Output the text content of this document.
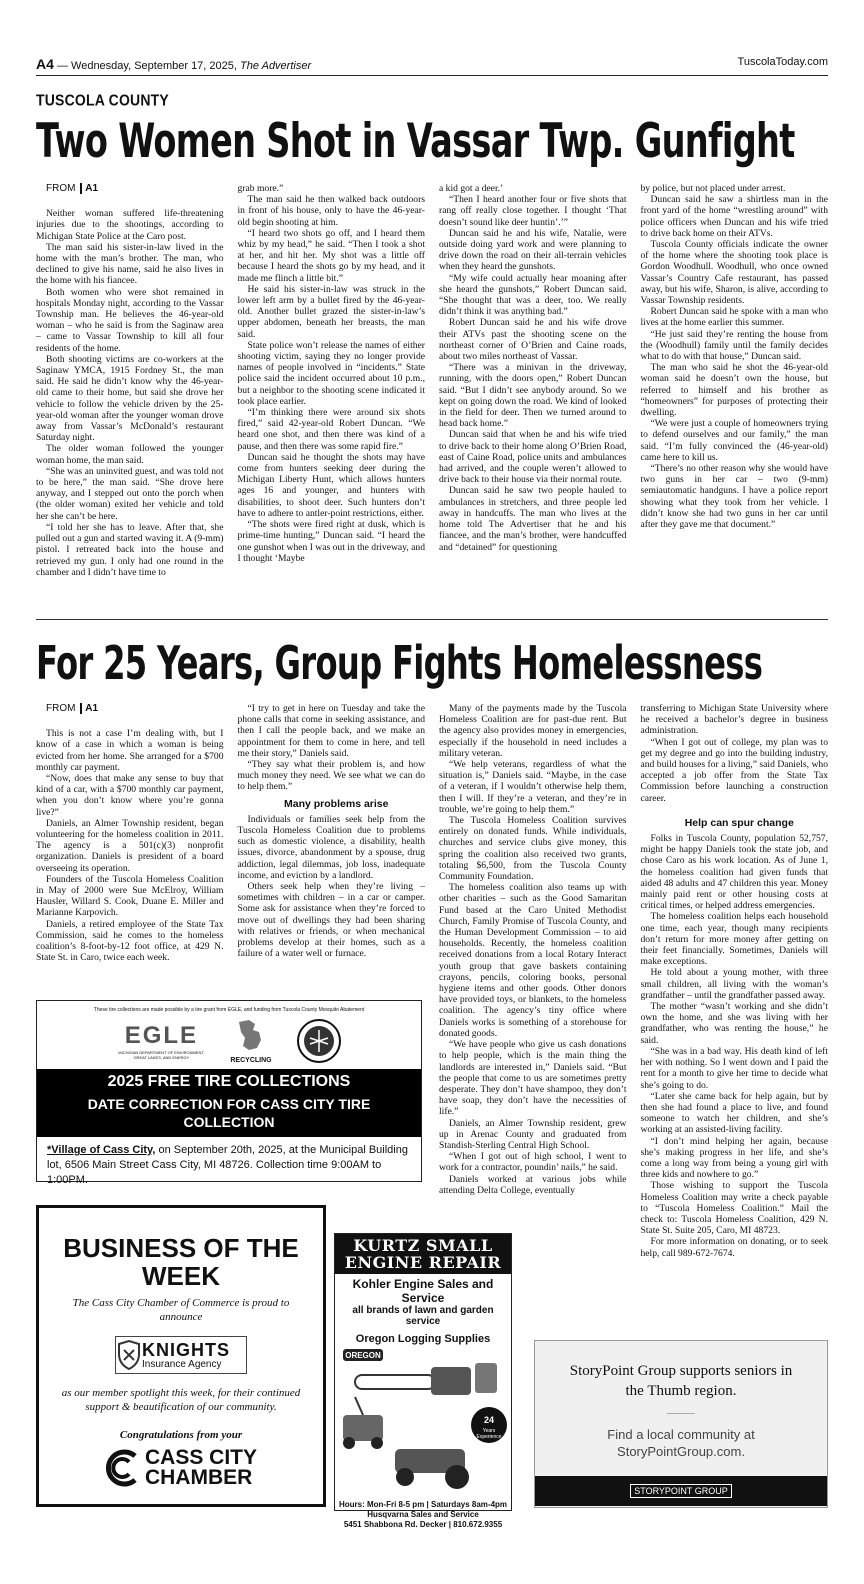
A4 — Wednesday, September 17, 2025, The Advertiser	TuscolaToday.com
TUSCOLA COUNTY
Two Women Shot in Vassar Twp. Gunfight

FROM A1

Neither woman suffered life-threatening injuries due to the shootings, according to Michigan State Police at the Caro post.

The man said his sister-in-law lived in the home with the man’s brother. The man, who declined to give his name, said he also lives in the home with his fiancee.

Both women who were shot remained in hospitals Monday night, according to the Vassar Township man. He believes the 46-year-old woman – who he said is from the Saginaw area – came to Vassar Township to kill all four residents of the home.

Both shooting victims are co-workers at the Saginaw YMCA, 1915 Fordney St., the man said. He said he didn’t know why the 46-year-old came to their home, but said she drove her vehicle to follow the vehicle driven by the 25-year-old woman after the younger woman drove away from Vassar’s McDonald’s restaurant Saturday night.

The older woman followed the younger woman home, the man said.

“She was an uninvited guest, and was told not to be here,” the man said. “She drove here anyway, and I stepped out onto the porch when (the older woman) exited her vehicle and told her she can’t be here.

“I told her she has to leave. After that, she pulled out a gun and started waving it. A (9-mm) pistol. I retreated back into the house and retrieved my gun. I only had one round in the chamber and I didn’t have time to

grab more.”

The man said he then walked back outdoors in front of his house, only to have the 46-year-old begin shooting at him.

“I heard two shots go off, and I heard them whiz by my head,” he said. “Then I took a shot at her, and hit her. My shot was a little off because I heard the shots go by my head, and it made me flinch a little bit.”

He said his sister-in-law was struck in the lower left arm by a bullet fired by the 46-year-old. Another bullet grazed the sister-in-law’s upper abdomen, beneath her breasts, the man said.

State police won’t release the names of either shooting victim, saying they no longer provide names of people involved in “incidents.” State police said the incident occurred about 10 p.m., but a neighbor to the shooting scene indicated it took place earlier.

“I’m thinking there were around six shots fired,” said 42-year-old Robert Duncan. “We heard one shot, and then there was kind of a pause, and then there was some rapid fire.”

Duncan said he thought the shots may have come from hunters seeking deer during the Michigan Liberty Hunt, which allows hunters ages 16 and younger, and hunters with disabilities, to shoot deer. Such hunters don’t have to adhere to antler-point restrictions, either.

“The shots were fired right at dusk, which is prime-time hunting,” Duncan said. “I heard the one gunshot when I was out in the driveway, and I thought ‘Maybe

a kid got a deer.’

“Then I heard another four or five shots that rang off really close together. I thought ‘That doesn’t sound like deer huntin’.’”

Duncan said he and his wife, Natalie, were outside doing yard work and were planning to drive down the road on their all-terrain vehicles when they heard the gunshots.

“My wife could actually hear moaning after she heard the gunshots,” Robert Duncan said. “She thought that was a deer, too. We really didn’t think it was anything bad.”

Robert Duncan said he and his wife drove their ATVs past the shooting scene on the northeast corner of O’Brien and Caine roads, about two miles northeast of Vassar.

“There was a minivan in the driveway, running, with the doors open,” Robert Duncan said. “But I didn’t see anybody around. So we kept on going down the road. We kind of looked in the field for deer. Then we turned around to head back home.”

Duncan said that when he and his wife tried to drive back to their home along O’Brien Road, east of Caine Road, police units and ambulances had arrived, and the couple weren’t allowed to drive back to their house via their normal route.

Duncan said he saw two people hauled to ambulances in stretchers, and three people led away in handcuffs. The man who lives at the home told The Advertiser that he and his fiancee, and the man’s brother, were handcuffed and “detained” for questioning

by police, but not placed under arrest.

Duncan said he saw a shirtless man in the front yard of the home “wrestling around” with police officers when Duncan and his wife tried to drive back home on their ATVs.

Tuscola County officials indicate the owner of the home where the shooting took place is Gordon Woodhull. Woodhull, who once owned Vassar’s Country Cafe restaurant, has passed away, but his wife, Sharon, is alive, according to Vassar Township residents.

Robert Duncan said he spoke with a man who lives at the home earlier this summer.

“He just said they’re renting the house from the (Woodhull) family until the family decides what to do with that house,” Duncan said.

The man who said he shot the 46-year-old woman said he doesn’t own the house, but referred to himself and his brother as “homeowners” for purposes of protecting their dwelling.

“We were just a couple of homeowners trying to defend ourselves and our family,” the man said. “I’m fully convinced the (46-year-old) came here to kill us.

“There’s no other reason why she would have two guns in her car – two (9-mm) semiautomatic handguns. I have a police report showing what they took from her vehicle. I didn’t know she had two guns in her car until after they gave me that document.”

For 25 Years, Group Fights Homelessness

FROM A1

This is not a case I’m dealing with, but I know of a case in which a woman is being evicted from her home. She arranged for a $700 monthly car payment.

“Now, does that make any sense to buy that kind of a car, with a $700 monthly car payment, when you don’t know where you’re gonna live?”

Daniels, an Almer Township resident, began volunteering for the homeless coalition in 2011. The agency is a 501(c)(3) nonprofit organization. Daniels is president of a board overseeing its operation.

Founders of the Tuscola Homeless Coalition in May of 2000 were Sue McElroy, William Hausler, Willard S. Cook, Duane E. Miller and Marianne Karpovich.

Daniels, a retired employee of the State Tax Commission, said he comes to the homeless coalition’s 8-foot-by-12 foot office, at 429 N. State St. in Caro, twice each week.

“I try to get in here on Tuesday and take the phone calls that come in seeking assistance, and then I call the people back, and we make an appointment for them to come in here, and tell me their story,” Daniels said.

“They say what their problem is, and how much money they need. We see what we can do to help them.”

Many problems arise

Individuals or families seek help from the Tuscola Homeless Coalition due to problems such as domestic violence, a disability, health issues, divorce, abandonment by a spouse, drug addiction, legal dilemmas, job loss, inadequate income, and eviction by a landlord.

Others seek help when they’re living – sometimes with children – in a car or camper. Some ask for assistance when they’re forced to move out of dwellings they had been sharing with relatives or friends, or when mechanical problems develop at their homes, such as a failure of a water well or furnace.

Many of the payments made by the Tuscola Homeless Coalition are for past-due rent. But the agency also provides money in emergencies, especially if the household in need includes a military veteran.

“We help veterans, regardless of what the situation is,” Daniels said. “Maybe, in the case of a veteran, if I wouldn’t otherwise help them, then I will. If they’re a veteran, and they’re in trouble, we’re going to help them.”

The Tuscola Homeless Coalition survives entirely on donated funds. While individuals, churches and service clubs give money, this spring the coalition also received two grants, totaling $6,500, from the Tuscola County Community Foundation.

The homeless coalition also teams up with other charities – such as the Good Samaritan Fund based at the Caro United Methodist Church, Family Promise of Tuscola County, and the Human Development Commission – to aid households. Recently, the homeless coalition received donations from a local Rotary Interact youth group that gave baskets containing crayons, pencils, coloring books, personal hygiene items and other goods. Other donors have provided toys, or blankets, to the homeless coalition. The agency’s tiny office where Daniels works is something of a storehouse for donated goods.

“We have people who give us cash donations to help people, which is the main thing the landlords are interested in,” Daniels said. “But the people that come to us are sometimes pretty desperate. They don’t have shampoo, they don’t have soap, they don’t have the necessities of life.”

Daniels, an Almer Township resident, grew up in Arenac County and graduated from Standish-Sterling Central High School.

“When I got out of high school, I went to work for a contractor, poundin’ nails,” he said.

Daniels worked at various jobs while attending Delta College, eventually

transferring to Michigan State University where he received a bachelor’s degree in business administration.

“When I got out of college, my plan was to get my degree and go into the building industry, and build houses for a living,” said Daniels, who accepted a job offer from the State Tax Commission before launching a construction career.

Help can spur change

Folks in Tuscola County, population 52,757, might be happy Daniels took the state job, and chose Caro as his work location. As of June 1, the homeless coalition had given funds that aided 48 adults and 47 children this year. Money mainly paid rent or other housing costs at critical times, or helped address emergencies.

The homeless coalition helps each household one time, each year, though many recipients don’t return for more money after getting on their feet financially. Sometimes, Daniels will make exceptions.

He told about a young mother, with three small children, all living with the woman’s grandfather – until the grandfather passed away.

The mother “wasn’t working and she didn’t own the home, and she was living with her grandfather, who was renting the house,” he said.

“She was in a bad way. His death kind of left her with nothing. So I went down and I paid the rent for a month to give her time to decide what she’s going to do.

“Later she came back for help again, but by then she had found a place to live, and found someone to watch her children, and she’s working at an assisted-living facility.

“I don’t mind helping her again, because she’s making progress in her life, and she’s come a long way from being a young girl with three kids and nowhere to go.”

Those wishing to support the Tuscola Homeless Coalition may write a check payable to “Tuscola Homeless Coalition.” Mail the check to: Tuscola Homeless Coalition, 429 N. State St. Suite 205, Caro, MI 48723.

For more information on donating, or to seek help, call 989-672-7674.

These tire collections are made possible by a tire grant from EGLE, and funding from Tuscola County Mosquito Abatement
EGLE
MICHIGAN DEPARTMENT OF ENVIRONMENT, GREAT LAKES, AND ENERGY	RECYCLING
2025 FREE TIRE COLLECTIONS
DATE CORRECTION FOR CASS CITY TIRE COLLECTION
*Village of Cass City, on September 20th, 2025, at the Municipal Building lot, 6506 Main Street Cass City, MI 48726. Collection time 9:00AM to 1:00PM.
BUSINESS OF THE WEEK

The Cass City Chamber of Commerce is proud to announce

KNIGHTS
Insurance Agency

as our member spotlight this week, for their continued support & beautification of our community.

Congratulations from your

CASS CITY
CHAMBER
KURTZ SMALL ENGINE REPAIR
Kohler Engine Sales and Service
all brands of lawn and garden service
Oregon Logging Supplies
OREGON
24
Years
Experience
Hours: Mon-Fri 8-5 pm | Saturdays 8am-4pm
Husqvarna Sales and Service
5451 Shabbona Rd. Decker | 810.672.9355
StoryPoint Group supports seniors in the Thumb region.
Find a local community at StoryPointGroup.com.
STORYPOINT GROUP
